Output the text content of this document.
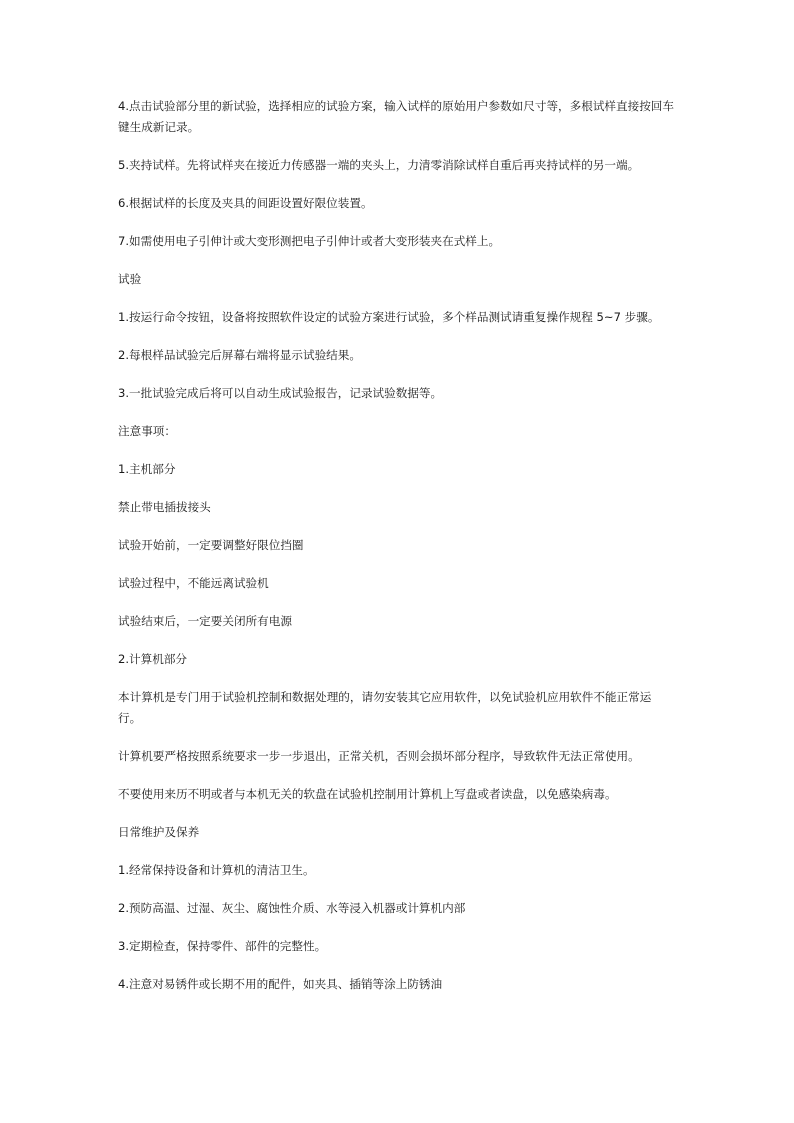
4.点击试验部分里的新试验，选择相应的试验方案，输入试样的原始用户参数如尺寸等，多根试样直接按回车键生成新记录。

5.夹持试样。先将试样夹在接近力传感器一端的夹头上，力清零消除试样自重后再夹持试样的另一端。

6.根据试样的长度及夹具的间距设置好限位装置。

7.如需使用电子引伸计或大变形测把电子引伸计或者大变形装夹在式样上。

试验

1.按运行命令按钮，设备将按照软件设定的试验方案进行试验，多个样品测试请重复操作规程 5~7 步骤。

2.每根样品试验完后屏幕右端将显示试验结果。

3.一批试验完成后将可以自动生成试验报告，记录试验数据等。

注意事项：

1.主机部分

禁止带电插拔接头

试验开始前，一定要调整好限位挡圈

试验过程中，不能远离试验机

试验结束后，一定要关闭所有电源

2.计算机部分

本计算机是专门用于试验机控制和数据处理的，请勿安装其它应用软件，以免试验机应用软件不能正常运行。

计算机要严格按照系统要求一步一步退出，正常关机，否则会损坏部分程序，导致软件无法正常使用。

不要使用来历不明或者与本机无关的软盘在试验机控制用计算机上写盘或者读盘，以免感染病毒。

日常维护及保养

1.经常保持设备和计算机的清洁卫生。

2.预防高温、过湿、灰尘、腐蚀性介质、水等浸入机器或计算机内部

3.定期检查，保持零件、部件的完整性。

4.注意对易锈件或长期不用的配件，如夹具、插销等涂上防锈油
